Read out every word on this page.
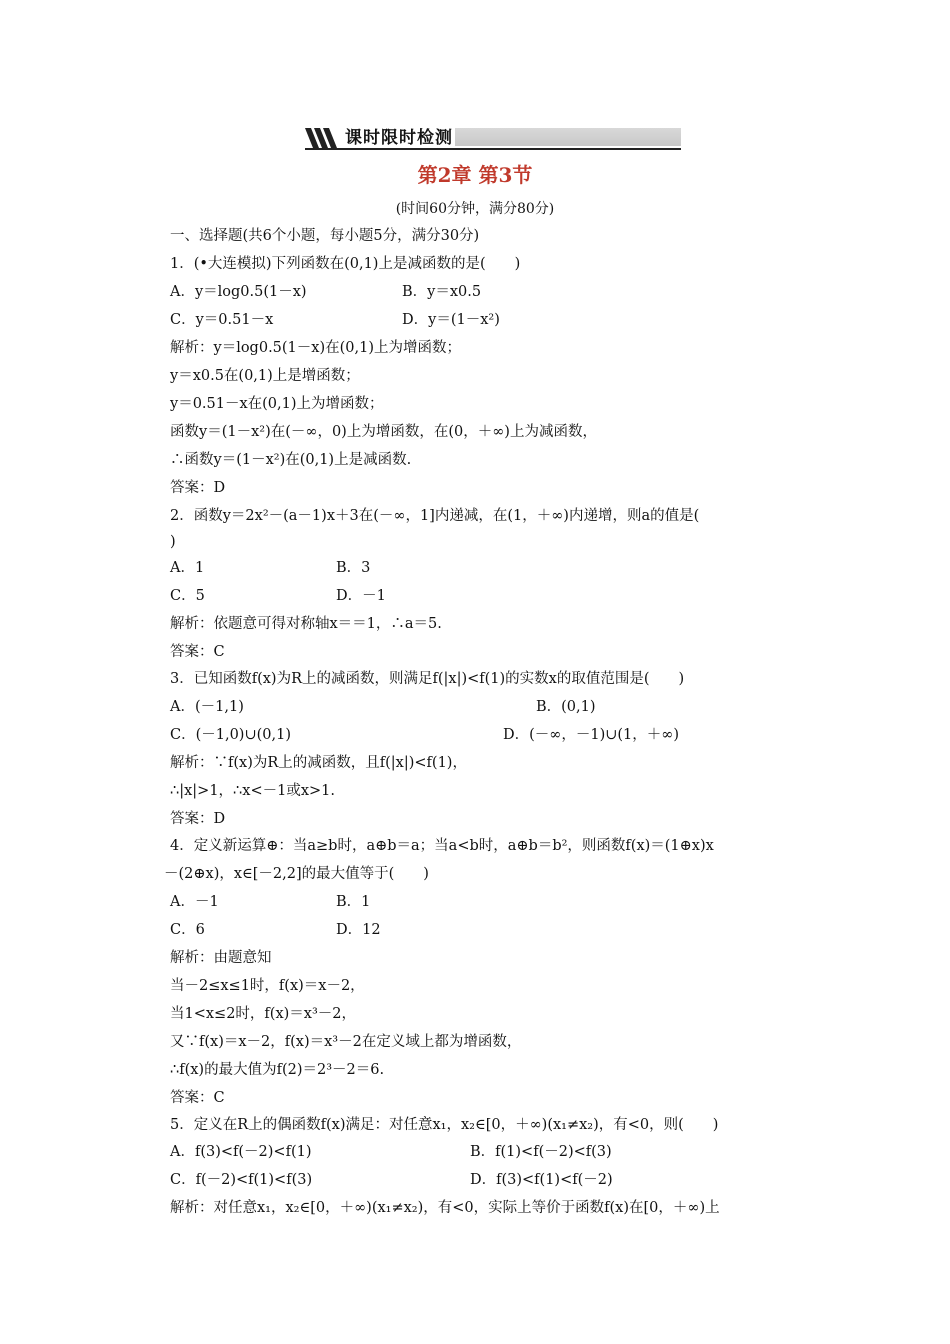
课时限时检测
第2章 第3节
(时间60分钟，满分80分)
一、选择题(共6个小题，每小题5分，满分30分)
1．(•大连模拟)下列函数在(0,1)上是减函数的是(　　)
A．y＝log0.5(1－x)	B．y＝x0.5
C．y＝0.51－x	D．y＝(1－x²)
解析：y＝log0.5(1－x)在(0,1)上为增函数；
y＝x0.5在(0,1)上是增函数；
y＝0.51－x在(0,1)上为增函数；
函数y＝(1－x²)在(－∞，0)上为增函数，在(0，＋∞)上为减函数，
∴函数y＝(1－x²)在(0,1)上是减函数.
答案：D
2．函数y＝2x²－(a－1)x＋3在(－∞，1]内递减，在(1，＋∞)内递增，则a的值是(
)
A．1	B．3
C．5	D．－1
解析：依题意可得对称轴x＝＝1，∴a＝5.
答案：C
3．已知函数f(x)为R上的减函数，则满足f(|x|)<f(1)的实数x的取值范围是(　　)
A．(－1,1)	B．(0,1)
C．(－1,0)∪(0,1)	D．(－∞，－1)∪(1，＋∞)
解析：∵f(x)为R上的减函数，且f(|x|)<f(1)，
∴|x|>1，∴x<－1或x>1.
答案：D
4．定义新运算⊕：当a≥b时，a⊕b＝a；当a<b时，a⊕b＝b²，则函数f(x)＝(1⊕x)x
－(2⊕x)，x∈[－2,2]的最大值等于(　　)
A．－1	B．1
C．6	D．12
解析：由题意知
当－2≤x≤1时，f(x)＝x－2，
当1<x≤2时，f(x)＝x³－2，
又∵f(x)＝x－2，f(x)＝x³－2在定义域上都为增函数，
∴f(x)的最大值为f(2)＝2³－2＝6.
答案：C
5．定义在R上的偶函数f(x)满足：对任意x₁，x₂∈[0，＋∞)(x₁≠x₂)，有<0，则(　　)
A．f(3)<f(－2)<f(1)	B．f(1)<f(－2)<f(3)
C．f(－2)<f(1)<f(3)	D．f(3)<f(1)<f(－2)
解析：对任意x₁，x₂∈[0，＋∞)(x₁≠x₂)，有<0，实际上等价于函数f(x)在[0，＋∞)上
